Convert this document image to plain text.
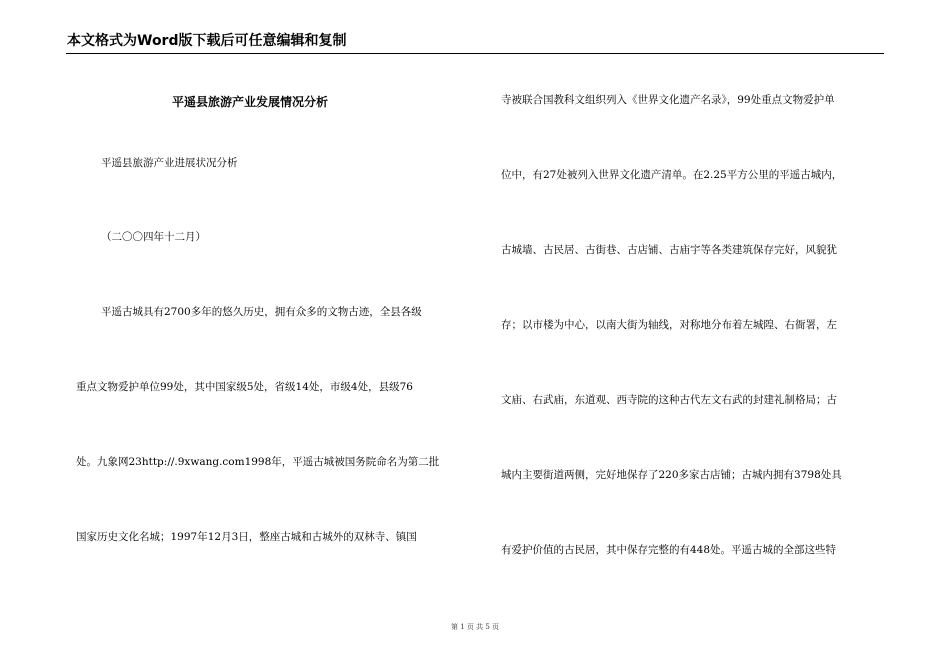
本文格式为Word版下载后可任意编辑和复制
平遥县旅游产业发展情况分析
平遥县旅游产业进展状况分析
（二〇〇四年十二月）
平遥古城具有2700多年的悠久历史，拥有众多的文物古迹，全县各级
重点文物爱护单位99处，其中国家级5处，省级14处，市级4处，县级76
处。九象网23http://.9xwang.com1998年，平遥古城被国务院命名为第二批
国家历史文化名城；1997年12月3日，整座古城和古城外的双林寺、镇国
寺被联合国教科文组织列入《世界文化遗产名录》，99处重点文物爱护单
位中，有27处被列入世界文化遗产清单。在2.25平方公里的平遥古城内，
古城墙、古民居、古街巷、古店铺、古庙宇等各类建筑保存完好，风貌犹
存；以市楼为中心，以南大街为轴线，对称地分布着左城隍、右衙署，左
文庙、右武庙，东道观、西寺院的这种古代左文右武的封建礼制格局；古
城内主要街道两侧，完好地保存了220多家古店铺；古城内拥有3798处具
有爱护价值的古民居，其中保存完整的有448处。平遥古城的全部这些特
第 1 页 共 5 页
